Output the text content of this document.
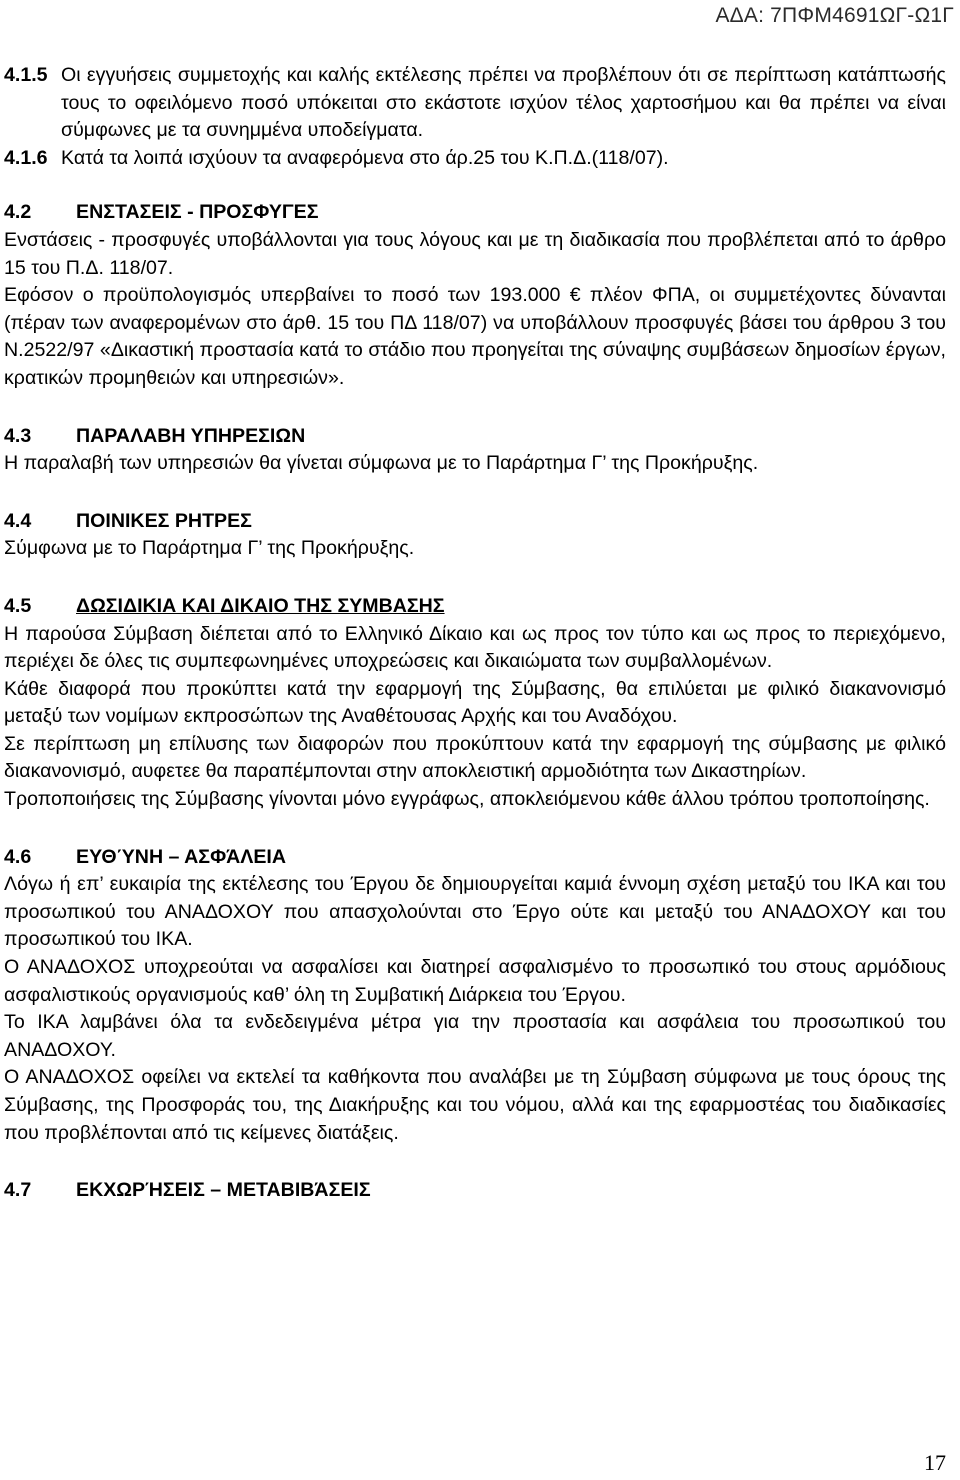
ΑΔΑ: 7ΠΦΜ4691ΩΓ-Ω1Γ

4.1.5 Οι εγγυήσεις συμμετοχής και καλής εκτέλεσης πρέπει να προβλέπουν ότι σε περίπτωση κατάπτωσής τους το οφειλόμενο ποσό υπόκειται στο εκάστοτε ισχύον τέλος χαρτοσήμου και θα πρέπει να είναι σύμφωνες με τα συνημμένα υποδείγματα.

4.1.6 Κατά τα λοιπά ισχύουν τα αναφερόμενα στο άρ.25 του Κ.Π.Δ.(118/07).

4.2 ΕΝΣΤΑΣΕΙΣ - ΠΡΟΣΦΥΓΕΣ

Ενστάσεις - προσφυγές υποβάλλονται για τους λόγους και με τη διαδικασία που προβλέπεται από το άρθρο 15 του Π.Δ. 118/07.

Εφόσον ο προϋπολογισμός υπερβαίνει το ποσό των 193.000 € πλέον ΦΠΑ, οι συμμετέχοντες δύνανται (πέραν των αναφερομένων στο άρθ. 15 του ΠΔ 118/07) να υποβάλλουν προσφυγές βάσει του άρθρου 3 του Ν.2522/97 «Δικαστική προστασία κατά το στάδιο που προηγείται της σύναψης συμβάσεων δημοσίων έργων, κρατικών προμηθειών και υπηρεσιών».

4.3 ΠΑΡΑΛΑΒΗ ΥΠΗΡΕΣΙΩΝ

Η παραλαβή των υπηρεσιών θα γίνεται σύμφωνα με το Παράρτημα Γ’ της Προκήρυξης.

4.4 ΠΟΙΝΙΚΕΣ ΡΗΤΡΕΣ

Σύμφωνα με το Παράρτημα Γ’ της Προκήρυξης.

4.5 ΔΩΣΙΔΙΚΙΑ ΚΑΙ ΔΙΚΑΙΟ ΤΗΣ ΣΥΜΒΑΣΗΣ

Η παρούσα Σύμβαση διέπεται από το Ελληνικό Δίκαιο και ως προς τον τύπο και ως προς το περιεχόμενο, περιέχει δε όλες τις συμπεφωνημένες υποχρεώσεις και δικαιώματα των συμβαλλομένων.

Κάθε διαφορά που προκύπτει κατά την εφαρμογή της Σύμβασης, θα επιλύεται με φιλικό διακανονισμό μεταξύ των νομίμων εκπροσώπων της Αναθέτουσας Αρχής και του Αναδόχου.

Σε περίπτωση μη επίλυσης των διαφορών που προκύπτουν κατά την εφαρμογή της σύμβασης με φιλικό διακανονισμό, αυφετεε θα παραπέμπονται στην αποκλειστική αρμοδιότητα των Δικαστηρίων.

Τροποποιήσεις της Σύμβασης γίνονται μόνο εγγράφως, αποκλειόμενου κάθε άλλου τρόπου τροποποίησης.

4.6 ΕΥΘΎΝΗ – ΑΣΦΆΛΕΙΑ

Λόγω ή επ’ ευκαιρία της εκτέλεσης του Έργου δε δημιουργείται καμιά έννομη σχέση μεταξύ του ΙΚΑ και του προσωπικού του ΑΝΑΔΟΧΟΥ που απασχολούνται στο Έργο ούτε και μεταξύ του ΑΝΑΔΟΧΟΥ και του προσωπικού του ΙΚΑ.

Ο ΑΝΑΔΟΧΟΣ υποχρεούται να ασφαλίσει και διατηρεί ασφαλισμένο το προσωπικό του στους αρμόδιους ασφαλιστικούς οργανισμούς καθ’ όλη τη Συμβατική Διάρκεια του Έργου.

Το ΙΚΑ λαμβάνει όλα τα ενδεδειγμένα μέτρα για την προστασία και ασφάλεια του προσωπικού του ΑΝΑΔΟΧΟΥ.

Ο ΑΝΑΔΟΧΟΣ οφείλει να εκτελεί τα καθήκοντα που αναλάβει με τη Σύμβαση σύμφωνα με τους όρους της Σύμβασης, της Προσφοράς του, της Διακήρυξης και του νόμου, αλλά και της εφαρμοστέας του διαδικασίες που προβλέπονται από τις κείμενες διατάξεις.

4.7 ΕΚΧΩΡΉΣΕΙΣ – ΜΕΤΑΒΙΒΆΣΕΙΣ

17
